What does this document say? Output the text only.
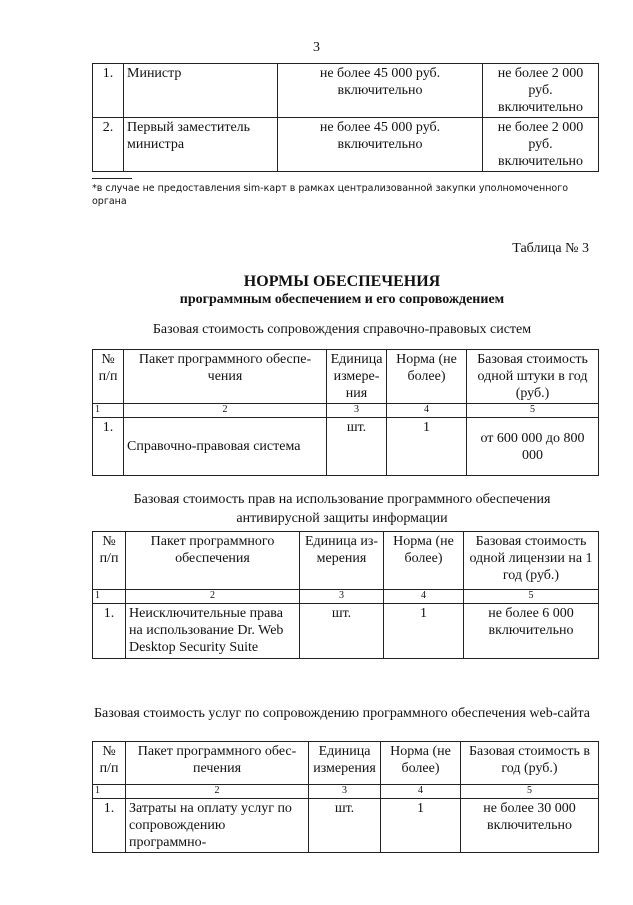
3
1.	Министр	не более 45 000 руб. включительно	не более 2 000 руб. включительно
2.	Первый заместитель министра	не более 45 000 руб. включительно	не более 2 000 руб. включительно
*в случае не предоставления sim-карт в рамках централизованной закупки уполномоченного органа
Таблица № 3
НОРМЫ ОБЕСПЕЧЕНИЯ
программным обеспечением и его сопровождением
Базовая стоимость сопровождения справочно-правовых систем
№ п/п	Пакет программного обеспе-чения	Единица измере-ния	Норма (не более)	Базовая стоимость одной штуки в год (руб.)
1	2	3	4	5
1.	Справочно-правовая система	шт.	1	от 600 000 до 800 000
Базовая стоимость прав на использование программного обеспечения антивирусной защиты информации
№ п/п	Пакет программного обеспечения	Единица из-мерения	Норма (не более)	Базовая стоимость одной лицензии на 1 год (руб.)
1	2	3	4	5
1.	Неисключительные права на использование Dr. Web Desktop Security Suite	шт.	1	не более 6 000 включительно
Базовая стоимость услуг по сопровождению программного обеспечения web-сайта
№ п/п	Пакет программного обес-печения	Единица измерения	Норма (не более)	Базовая стоимость в год (руб.)
1	2	3	4	5
1.	Затраты на оплату услуг по сопровождению программно-	шт.	1	не более 30 000 включительно
